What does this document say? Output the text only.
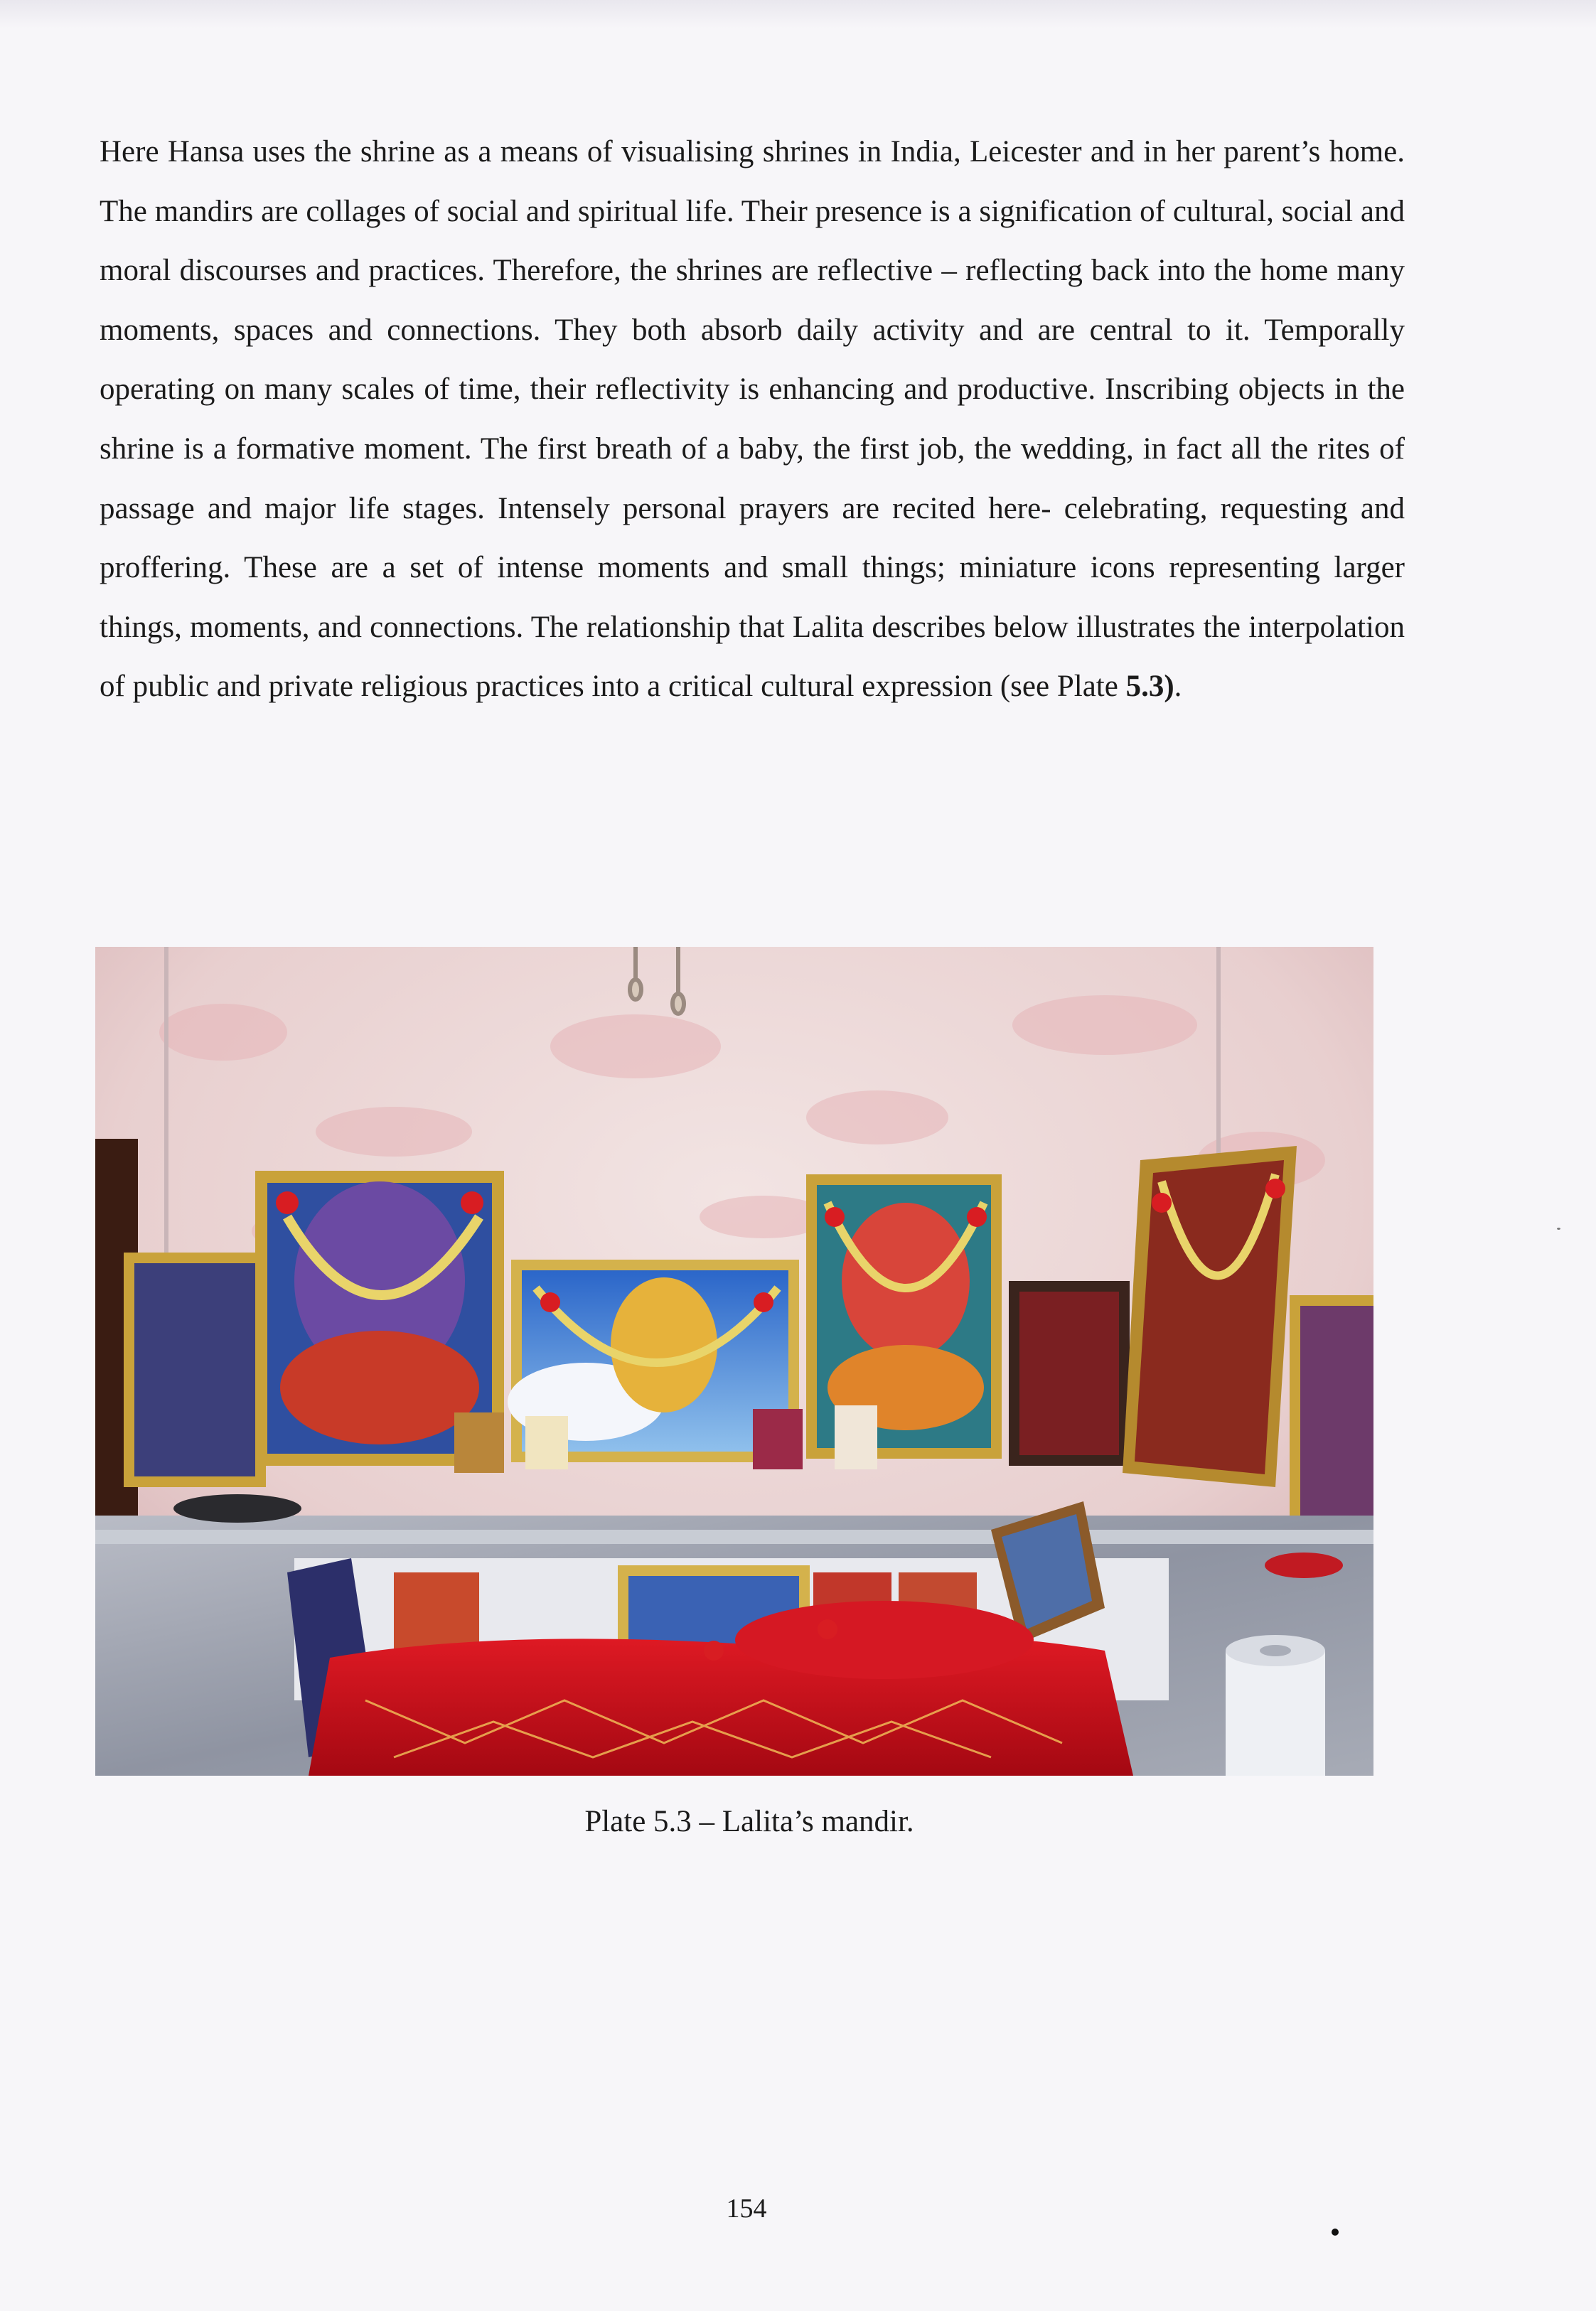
Here Hansa uses the shrine as a means of visualising shrines in India, Leicester and in her parent’s home. The mandirs are collages of social and spiritual life. Their presence is a signification of cultural, social and moral discourses and practices. Therefore, the shrines are reflective – reflecting back into the home many moments, spaces and connections. They both absorb daily activity and are central to it. Temporally operating on many scales of time, their reflectivity is enhancing and productive. Inscribing objects in the shrine is a formative moment. The first breath of a baby, the first job, the wedding, in fact all the rites of passage and major life stages. Intensely personal prayers are recited here- celebrating, requesting and proffering. These are a set of intense moments and small things; miniature icons representing larger things, moments, and connections. The relationship that Lalita describes below illustrates the interpolation of public and private religious practices into a critical cultural expression (see Plate 5.3).

Plate 5.3 – Lalita’s mandir.
154
